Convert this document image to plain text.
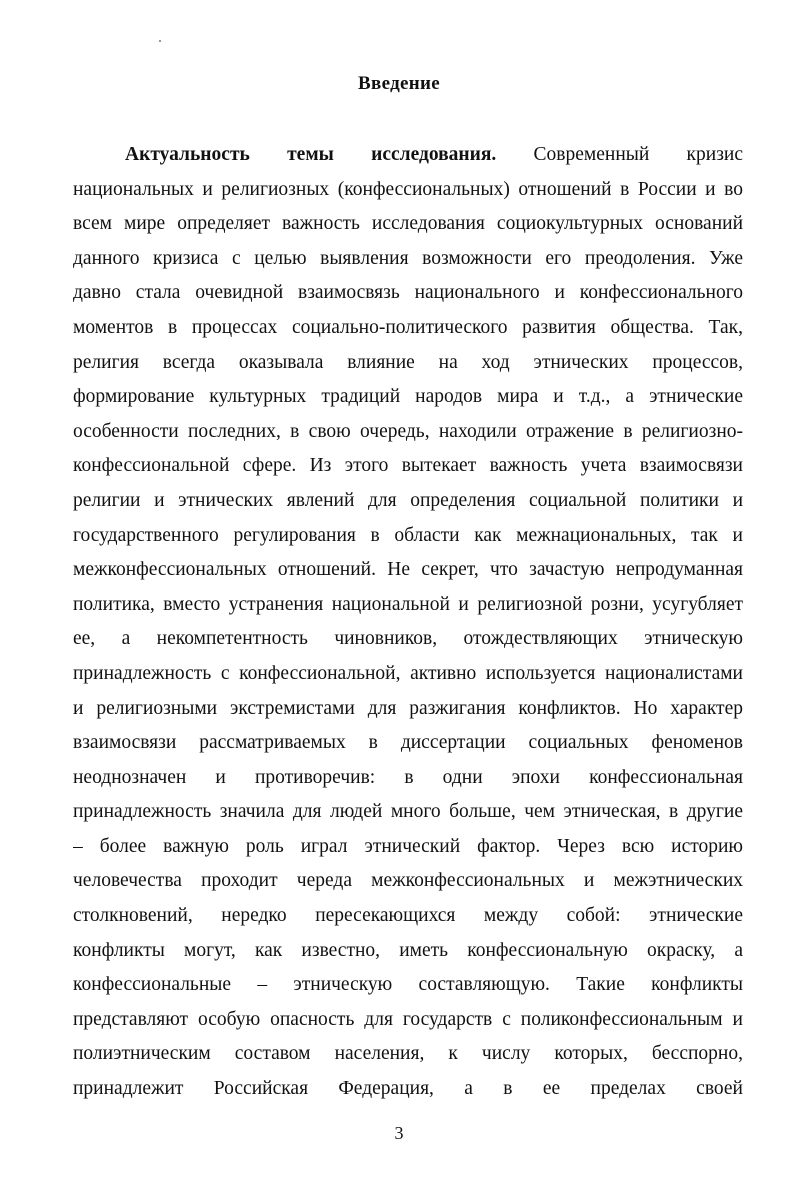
Введение
Актуальность темы исследования. Современный кризис
национальных и религиозных (конфессиональных) отношений в России и во
всем мире определяет важность исследования социокультурных оснований
данного кризиса с целью выявления возможности его преодоления. Уже
давно стала очевидной взаимосвязь национального и конфессионального
моментов в процессах социально-политического развития общества. Так,
религия всегда оказывала влияние на ход этнических процессов,
формирование культурных традиций народов мира и т.д., а этнические
особенности последних, в свою очередь, находили отражение в религиозно-
конфессиональной сфере. Из этого вытекает важность учета взаимосвязи
религии и этнических явлений для определения социальной политики и
государственного регулирования в области как межнациональных, так и
межконфессиональных отношений. Не секрет, что зачастую непродуманная
политика, вместо устранения национальной и религиозной розни, усугубляет
ее, а некомпетентность чиновников, отождествляющих этническую
принадлежность с конфессиональной, активно используется националистами
и религиозными экстремистами для разжигания конфликтов. Но характер
взаимосвязи рассматриваемых в диссертации социальных феноменов
неоднозначен и противоречив: в одни эпохи конфессиональная
принадлежность значила для людей много больше, чем этническая, в другие
– более важную роль играл этнический фактор. Через всю историю
человечества проходит череда межконфессиональных и межэтнических
столкновений, нередко пересекающихся между собой: этнические
конфликты могут, как известно, иметь конфессиональную окраску, а
конфессиональные – этническую составляющую. Такие конфликты
представляют особую опасность для государств с поликонфессиональным и
полиэтническим составом населения, к числу которых, бесспорно,
принадлежит Российская Федерация, а в ее пределах своей
3
